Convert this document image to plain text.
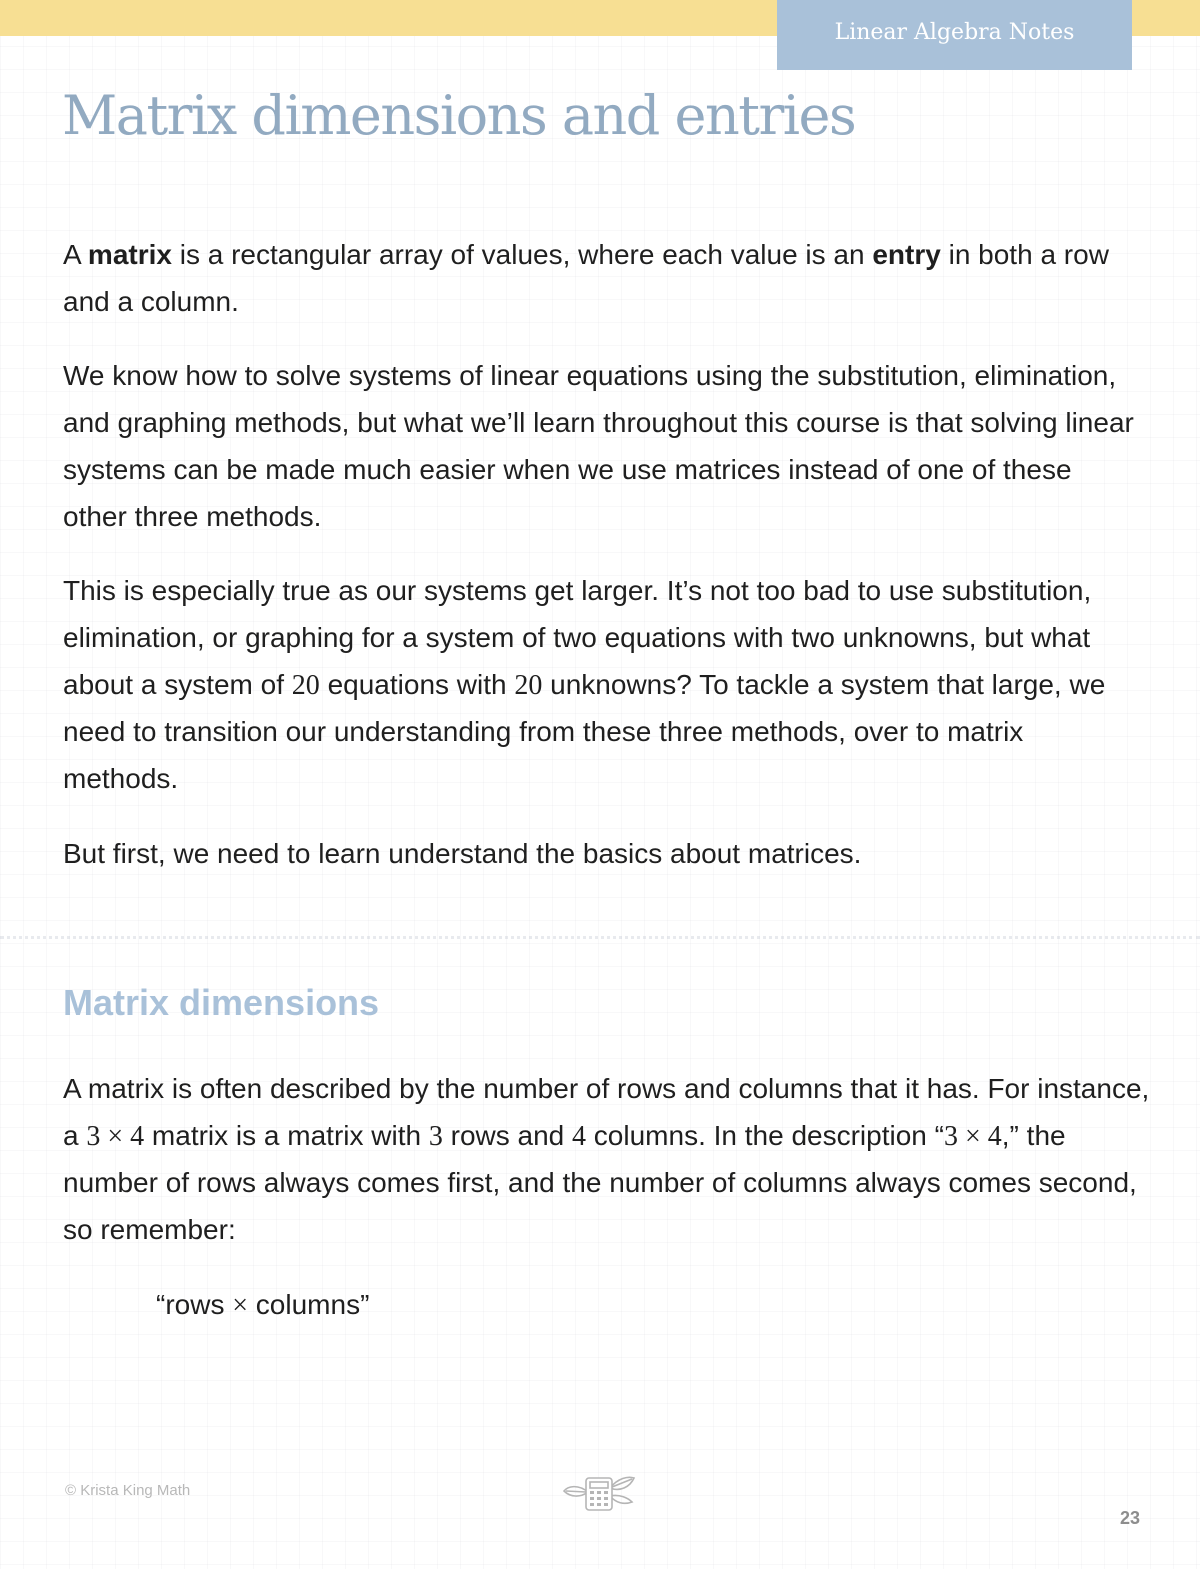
Linear Algebra Notes
Matrix dimensions and entries

A matrix is a rectangular array of values, where each value is an entry in both a row and a column.

We know how to solve systems of linear equations using the substitution, elimination, and graphing methods, but what we’ll learn throughout this course is that solving linear systems can be made much easier when we use matrices instead of one of these other three methods.

This is especially true as our systems get larger. It’s not too bad to use substitution, elimination, or graphing for a system of two equations with two unknowns, but what about a system of 20 equations with 20 unknowns? To tackle a system that large, we need to transition our understanding from these three methods, over to matrix methods.

But first, we need to learn understand the basics about matrices.

Matrix dimensions

A matrix is often described by the number of rows and columns that it has. For instance, a 3 × 4 matrix is a matrix with 3 rows and 4 columns. In the description “3 × 4,” the number of rows always comes first, and the number of columns always comes second, so remember:

“rows × columns”
© Krista King Math
23
